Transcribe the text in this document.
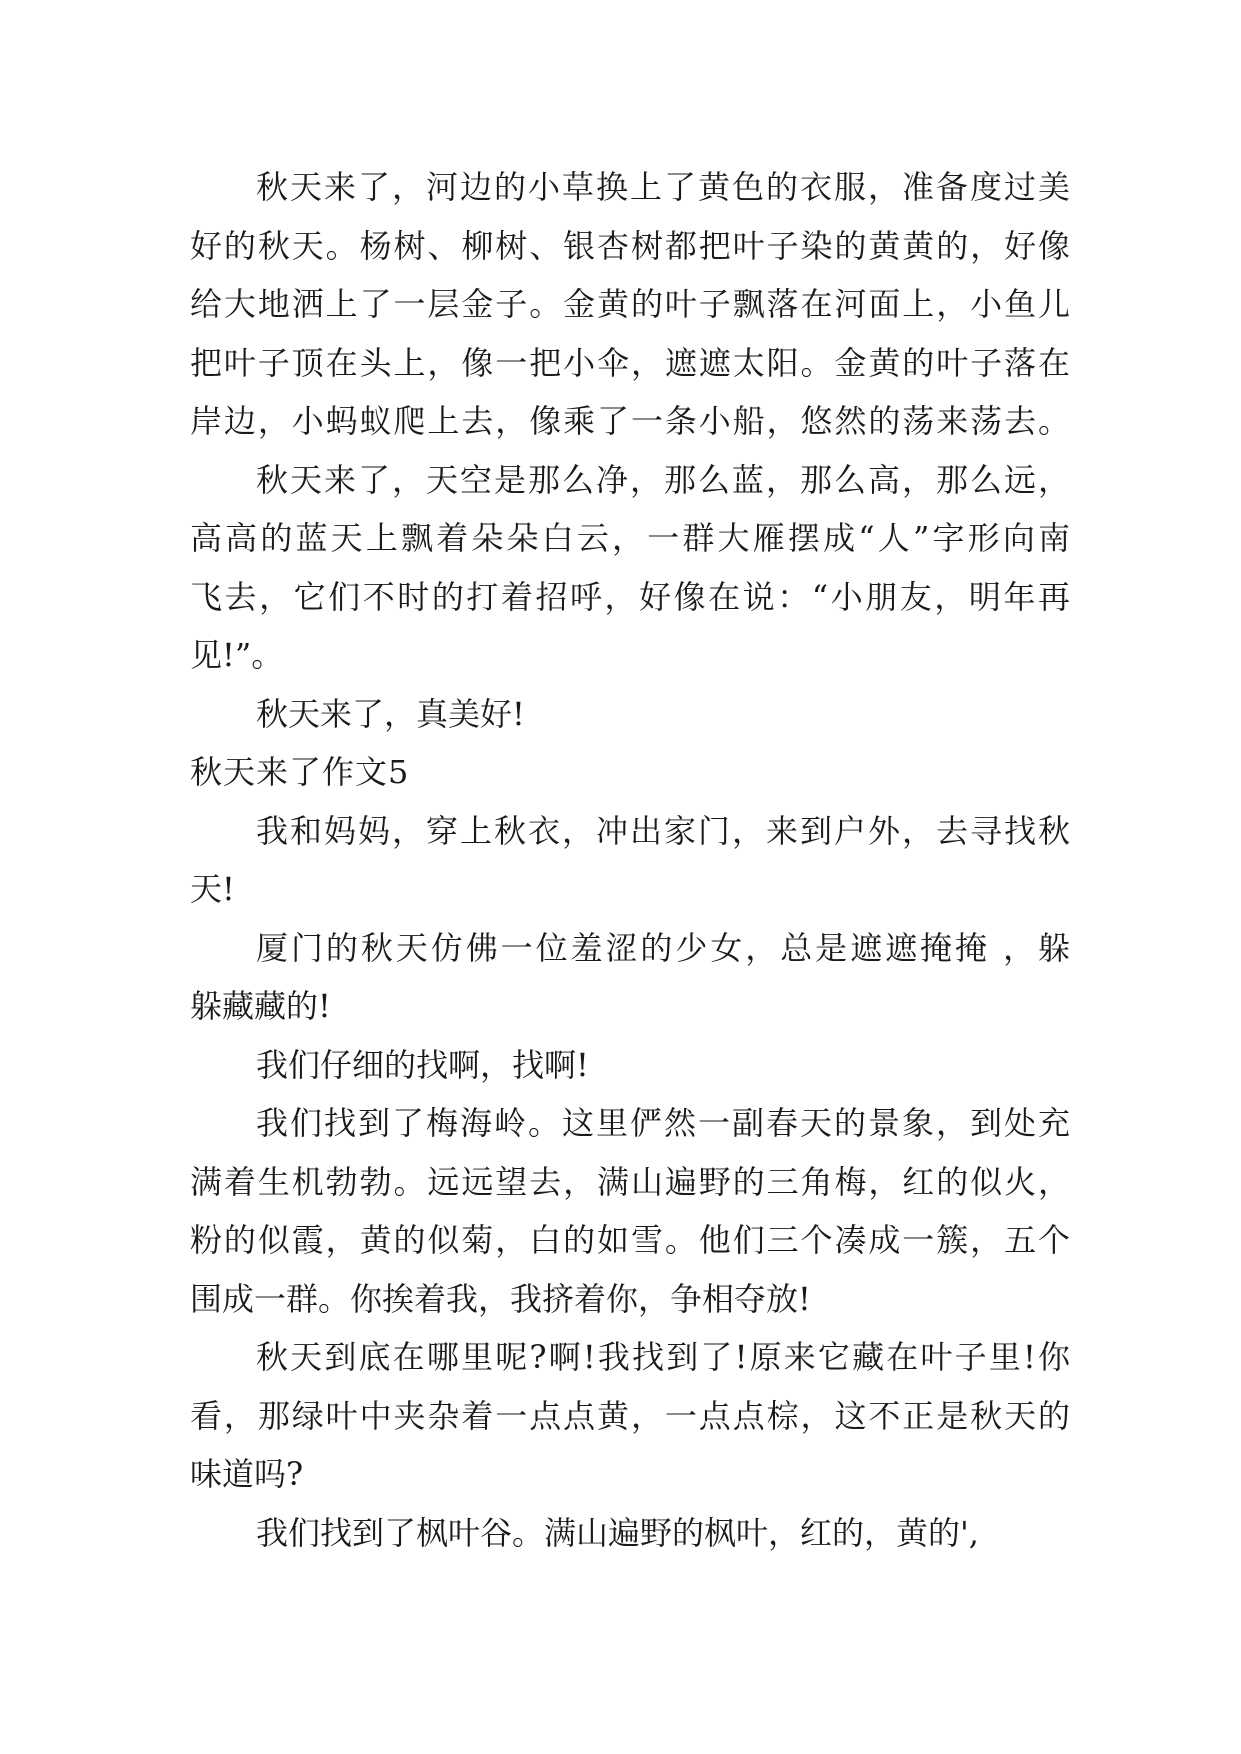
秋天来了，河边的小草换上了黄色的衣服，准备度过美
好的秋天。杨树、柳树、银杏树都把叶子染的黄黄的，好像
给大地洒上了一层金子。金黄的叶子飘落在河面上，小鱼儿
把叶子顶在头上，像一把小伞，遮遮太阳。金黄的叶子落在
岸边，小蚂蚁爬上去，像乘了一条小船，悠然的荡来荡去。
秋天来了，天空是那么净，那么蓝，那么高，那么远，
高高的蓝天上飘着朵朵白云，一群大雁摆成“人”字形向南
飞去，它们不时的打着招呼，好像在说：“小朋友，明年再
见!”。
秋天来了，真美好!
秋天来了作文5
我和妈妈，穿上秋衣，冲出家门，来到户外，去寻找秋
天!
厦门的秋天仿佛一位羞涩的少女，总是遮遮掩掩 ，躲
躲藏藏的!
我们仔细的找啊，找啊!
我们找到了梅海岭。这里俨然一副春天的景象，到处充
满着生机勃勃。远远望去，满山遍野的三角梅，红的似火，
粉的似霞，黄的似菊，白的如雪。他们三个凑成一簇，五个
围成一群。你挨着我，我挤着你，争相夺放!
秋天到底在哪里呢?啊!我找到了!原来它藏在叶子里!你
看，那绿叶中夹杂着一点点黄，一点点棕，这不正是秋天的
味道吗?
我们找到了枫叶谷。满山遍野的枫叶，红的，黄的',
